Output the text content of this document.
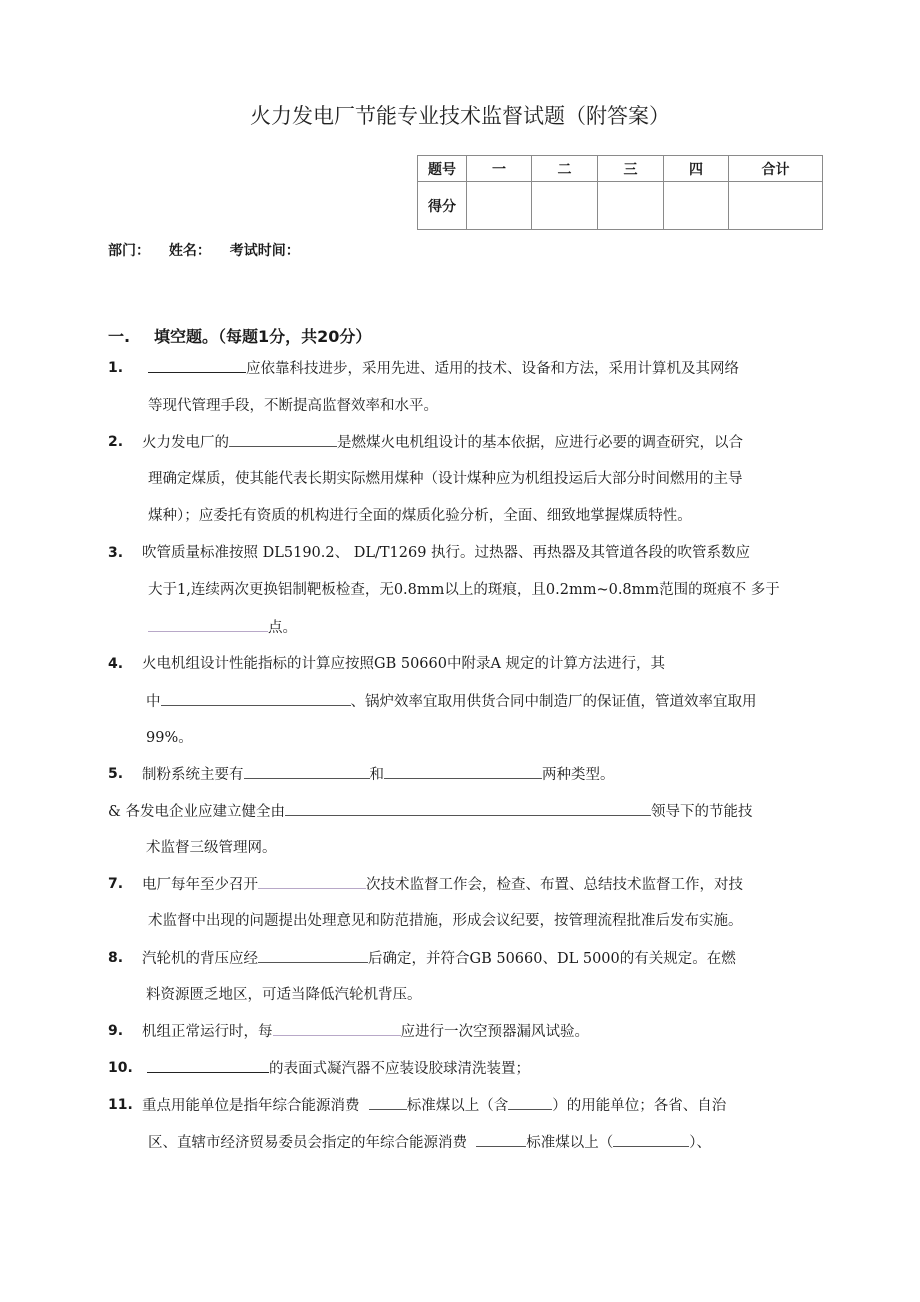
火力发电厂节能专业技术监督试题（附答案）
题号	一	二	三	四	合计
得分					
部门： 姓名： 考试时间：
一. 填空题。（每题1分，共20分）
1.	应依靠科技进步，采用先进、适用的技术、设备和方法，采用计算机及其网络
等现代管理手段，不断提高监督效率和水平。
2. 火力发电厂的	是燃煤火电机组设计的基本依据，应进行必要的调查研究，以合
理确定煤质，使其能代表长期实际燃用煤种（设计煤种应为机组投运后大部分时间燃用的主导
煤种）；应委托有资质的机构进行全面的煤质化验分析，全面、细致地掌握煤质特性。
3. 吹管质量标准按照 DL5190.2、 DL/T1269 执行。过热器、再热器及其管道各段的吹管系数应
大于1,连续两次更换铝制靶板检查，无0.8mm以上的斑痕，且0.2mm~0.8mm范围的斑痕不 多于
点。
4. 火电机组设计性能指标的计算应按照GB 50660中附录A 规定的计算方法进行，其
中	、锅炉效率宜取用供货合同中制造厂的保证值，管道效率宜取用
99%。
5. 制粉系统主要有	和	两种类型。
& 各发电企业应建立健全由	领导下的节能技
术监督三级管理网。
7. 电厂每年至少召开	次技术监督工作会，检查、布置、总结技术监督工作，对技
术监督中出现的问题提出处理意见和防范措施，形成会议纪要，按管理流程批准后发布实施。
8. 汽轮机的背压应经	后确定，并符合GB 50660、DL 5000的有关规定。在燃
料资源匮乏地区，可适当降低汽轮机背压。
9. 机组正常运行时，每	应进行一次空预器漏风试验。
10.	的表面式凝汽器不应装设胶球清洗装置；
11. 重点用能单位是指年综合能源消费	标准煤以上（含	）的用能单位；各省、自治
区、直辖市经济贸易委员会指定的年综合能源消费	标准煤以上（	）、
